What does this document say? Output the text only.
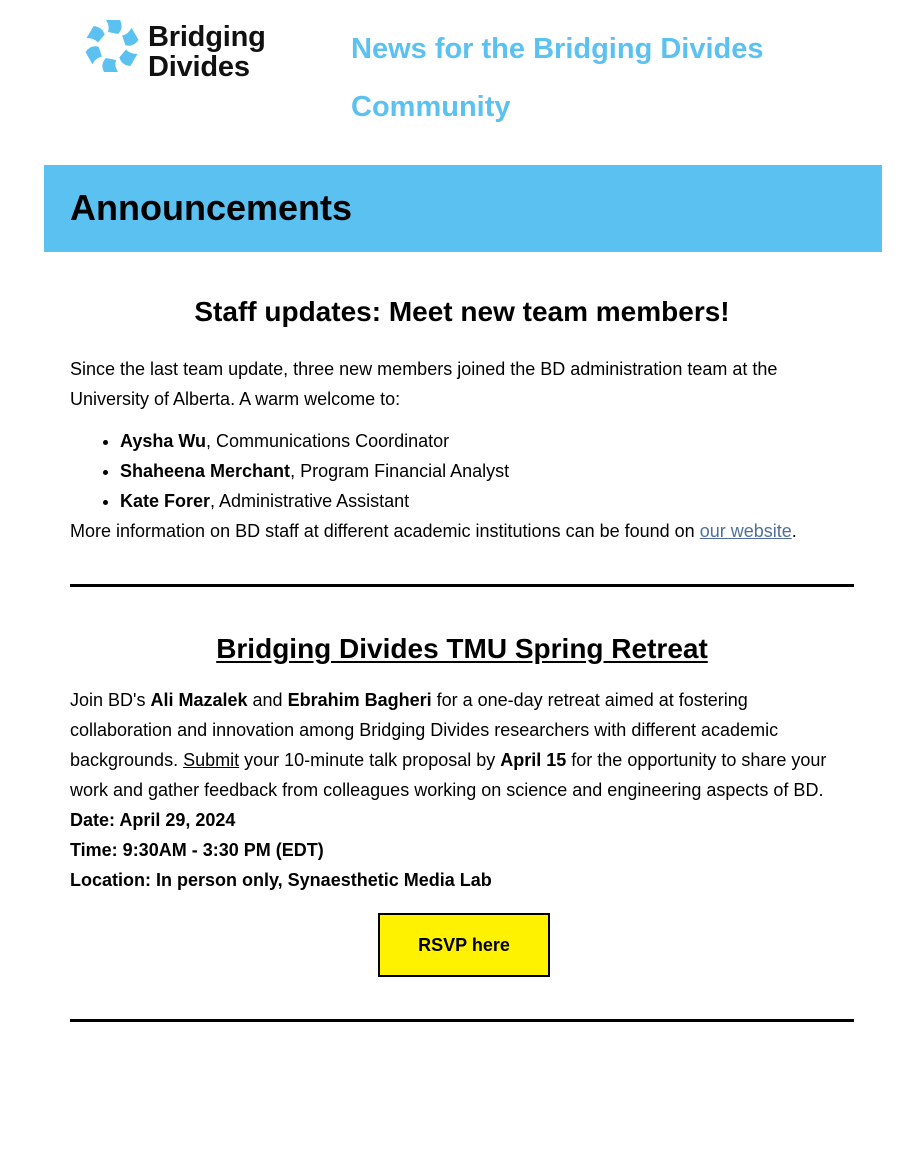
Bridging
Divides
News for the Bridging Divides Community
Announcements
Staff updates: Meet new team members!

Since the last team update, three new members joined the BD administration team at the University of Alberta. A warm welcome to:

• Aysha Wu, Communications Coordinator
• Shaheena Merchant, Program Financial Analyst
• Kate Forer, Administrative Assistant

More information on BD staff at different academic institutions can be found on our website.

Bridging Divides TMU Spring Retreat

Join BD's Ali Mazalek and Ebrahim Bagheri for a one-day retreat aimed at fostering collaboration and innovation among Bridging Divides researchers with different academic backgrounds. Submit your 10-minute talk proposal by April 15 for the opportunity to share your work and gather feedback from colleagues working on science and engineering aspects of BD.

Date: April 29, 2024

Time: 9:30AM - 3:30 PM (EDT)

Location: In person only, Synaesthetic Media Lab

RSVP here
